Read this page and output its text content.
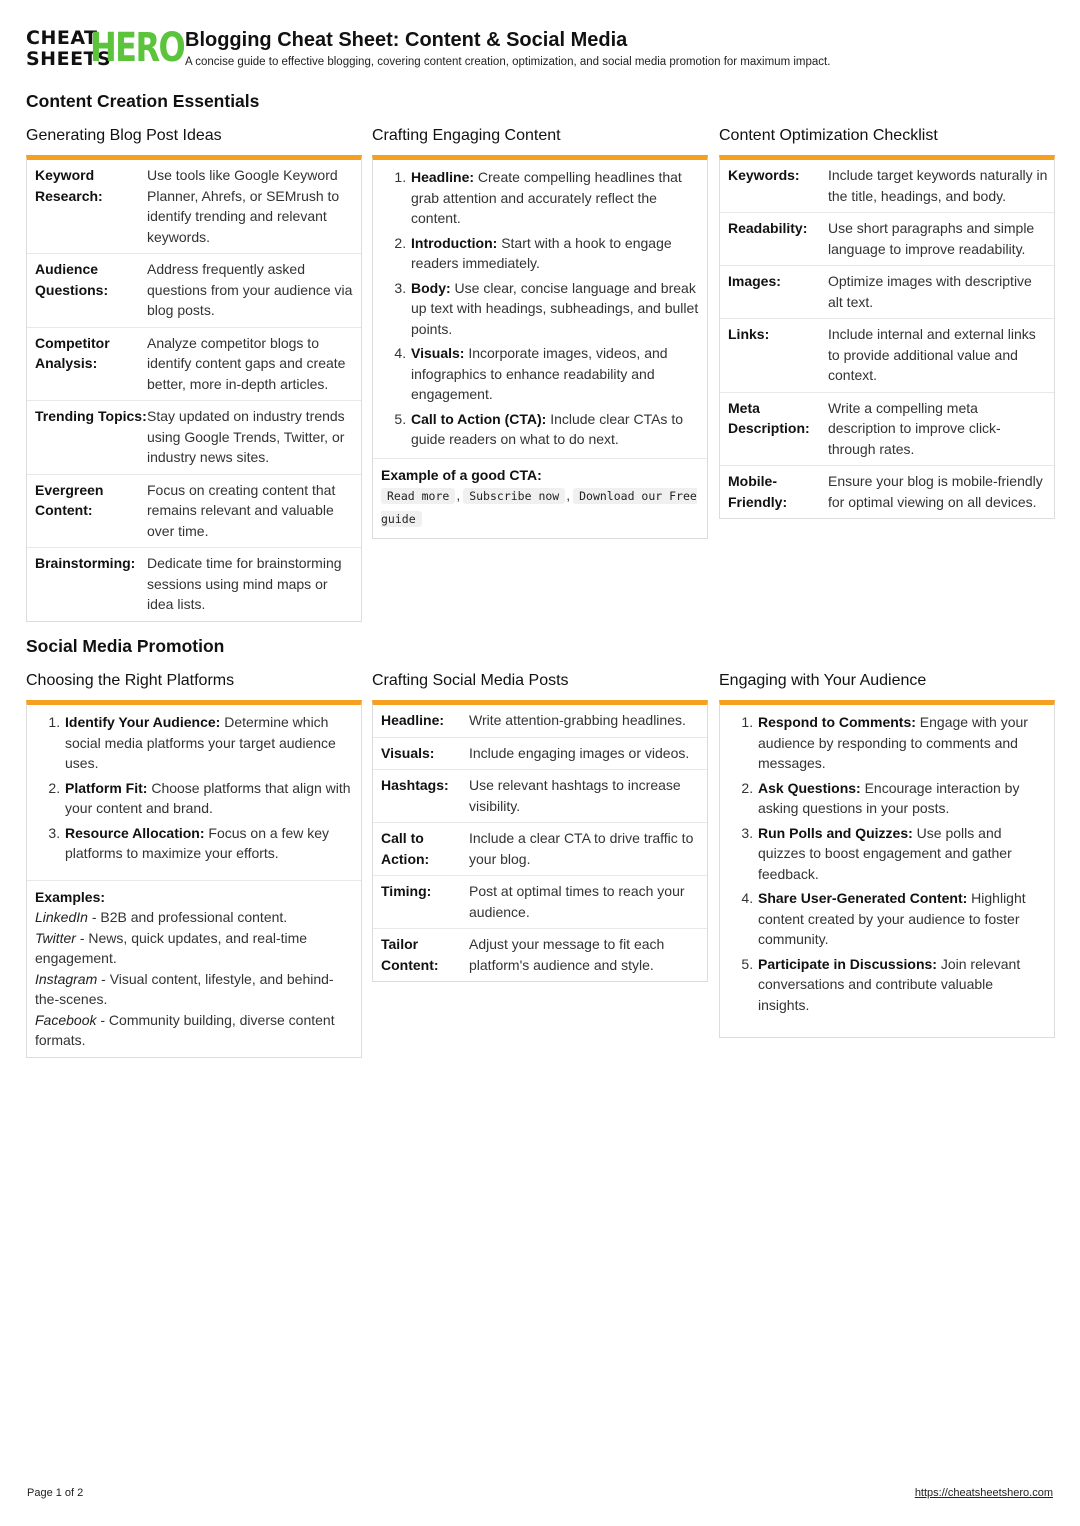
CHEAT
SHEETS
HERO Blogging Cheat Sheet: Content & Social Media
A concise guide to effective blogging, covering content creation, optimization, and social media promotion for maximum impact.
Content Creation Essentials
Generating Blog Post Ideas
Keyword Research:
Use tools like Google Keyword Planner, Ahrefs, or SEMrush to identify trending and relevant keywords.
Audience Questions:
Address frequently asked questions from your audience via blog posts.
Competitor Analysis:
Analyze competitor blogs to identify content gaps and create better, more in-depth articles.
Trending Topics: Stay updated on industry trends using Google Trends, Twitter, or industry news sites.
Evergreen Content:
Focus on creating content that remains relevant and valuable over time.
Brainstorming: Dedicate time for brainstorming sessions using mind maps or idea lists.
Crafting Engaging Content
1. Headline: Create compelling headlines that grab attention and accurately reflect the content.
2. Introduction: Start with a hook to engage readers immediately.
3. Body: Use clear, concise language and break up text with headings, subheadings, and bullet points.
4. Visuals: Incorporate images, videos, and infographics to enhance readability and engagement.
5. Call to Action (CTA): Include clear CTAs to guide readers on what to do next.
Example of a good CTA:
Read more , Subscribe now , Download our Free guide
Content Optimization Checklist
Keywords:	Include target keywords naturally in the title, headings, and body.
Readability:	Use short paragraphs and simple language to improve readability.
Images:	Optimize images with descriptive alt text.
Links:	Include internal and external links to provide additional value and context.
Meta Description:
Write a compelling meta description to improve click-through rates.
Mobile-Friendly:
Ensure your blog is mobile-friendly for optimal viewing on all devices.
Social Media Promotion
Choosing the Right Platforms
1. Identify Your Audience: Determine which social media platforms your target audience uses.
2. Platform Fit: Choose platforms that align with your content and brand.
3. Resource Allocation: Focus on a few key platforms to maximize your efforts.
Examples:
LinkedIn - B2B and professional content.
Twitter - News, quick updates, and real-time engagement.
Instagram - Visual content, lifestyle, and behind-the-scenes.
Facebook - Community building, diverse content formats.
Crafting Social Media Posts
Headline:	Write attention-grabbing headlines.
Visuals:	Include engaging images or videos.
Hashtags:	Use relevant hashtags to increase visibility.
Call to Action:
Include a clear CTA to drive traffic to your blog.
Timing:	Post at optimal times to reach your audience.
Tailor Content:
Adjust your message to fit each platform's audience and style.
Engaging with Your Audience
1. Respond to Comments: Engage with your audience by responding to comments and messages.
2. Ask Questions: Encourage interaction by asking questions in your posts.
3. Run Polls and Quizzes: Use polls and quizzes to boost engagement and gather feedback.
4. Share User-Generated Content: Highlight content created by your audience to foster community.
5. Participate in Discussions: Join relevant conversations and contribute valuable insights.
Page 1 of 2	https://cheatsheetshero.com
